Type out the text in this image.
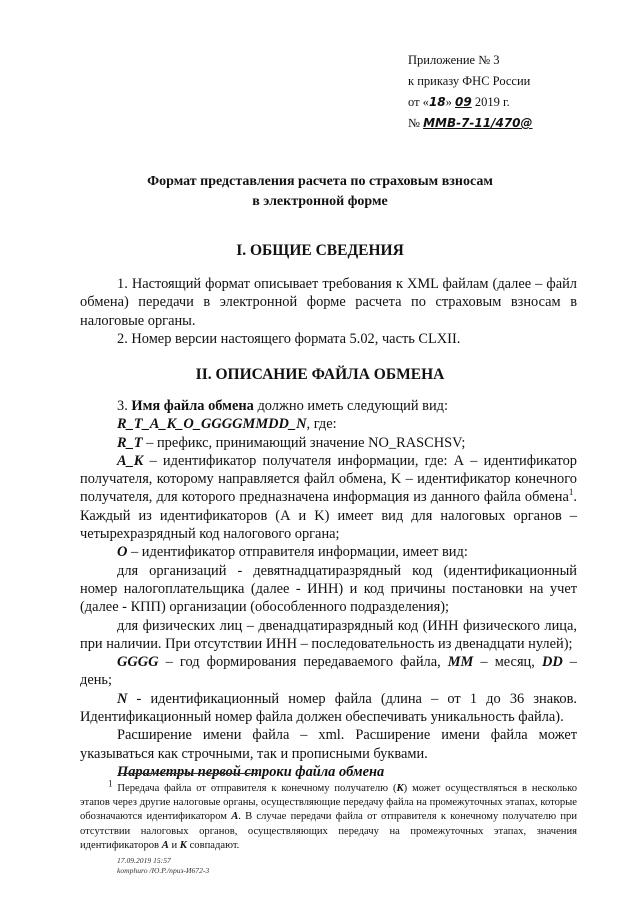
Приложение № 3
к приказу ФНС России
от «18» 09 2019 г.
№ ММВ-7-11/470@
Формат представления расчета по страховым взносам
в электронной форме
I. ОБЩИЕ СВЕДЕНИЯ

1. Настоящий формат описывает требования к XML файлам (далее – файл обмена) передачи в электронной форме расчета по страховым взносам в налоговые органы.

2. Номер версии настоящего формата 5.02, часть CLXII.

II. ОПИСАНИЕ ФАЙЛА ОБМЕНА

3. Имя файла обмена должно иметь следующий вид:

R_T_A_K_O_GGGGMMDD_N, где:

R_T – префикс, принимающий значение NO_RASCHSV;

A_K – идентификатор получателя информации, где: А – идентификатор получателя, которому направляется файл обмена, K – идентификатор конечного получателя, для которого предназначена информация из данного файла обмена$^1$. Каждый из идентификаторов (А и K) имеет вид для налоговых органов – четырехразрядный код налогового органа;

О – идентификатор отправителя информации, имеет вид:

для организаций - девятнадцатиразрядный код (идентификационный номер налогоплательщика (далее - ИНН) и код причины постановки на учет (далее - КПП) организации (обособленного подразделения);

для физических лиц – двенадцатиразрядный код (ИНН физического лица, при наличии. При отсутствии ИНН – последовательность из двенадцати нулей);

GGGG – год формирования передаваемого файла, MM – месяц, DD – день;

N - идентификационный номер файла (длина – от 1 до 36 знаков. Идентификационный номер файла должен обеспечивать уникальность файла).

Расширение имени файла – xml. Расширение имени файла может указываться как строчными, так и прописными буквами.

Параметры первой строки файла обмена

$^1$ Передача файла от отправителя к конечному получателю (К) может осуществляться в несколько этапов через другие налоговые органы, осуществляющие передачу файла на промежуточных этапах, которые обозначаются идентификатором А. В случае передачи файла от отправителя к конечному получателю при отсутствии налоговых органов, осуществляющих передачу на промежуточных этапах, значения идентификаторов А и К совпадают.
17.09.2019 15:57
komphuro /Ю.Р./приз-И672-3
